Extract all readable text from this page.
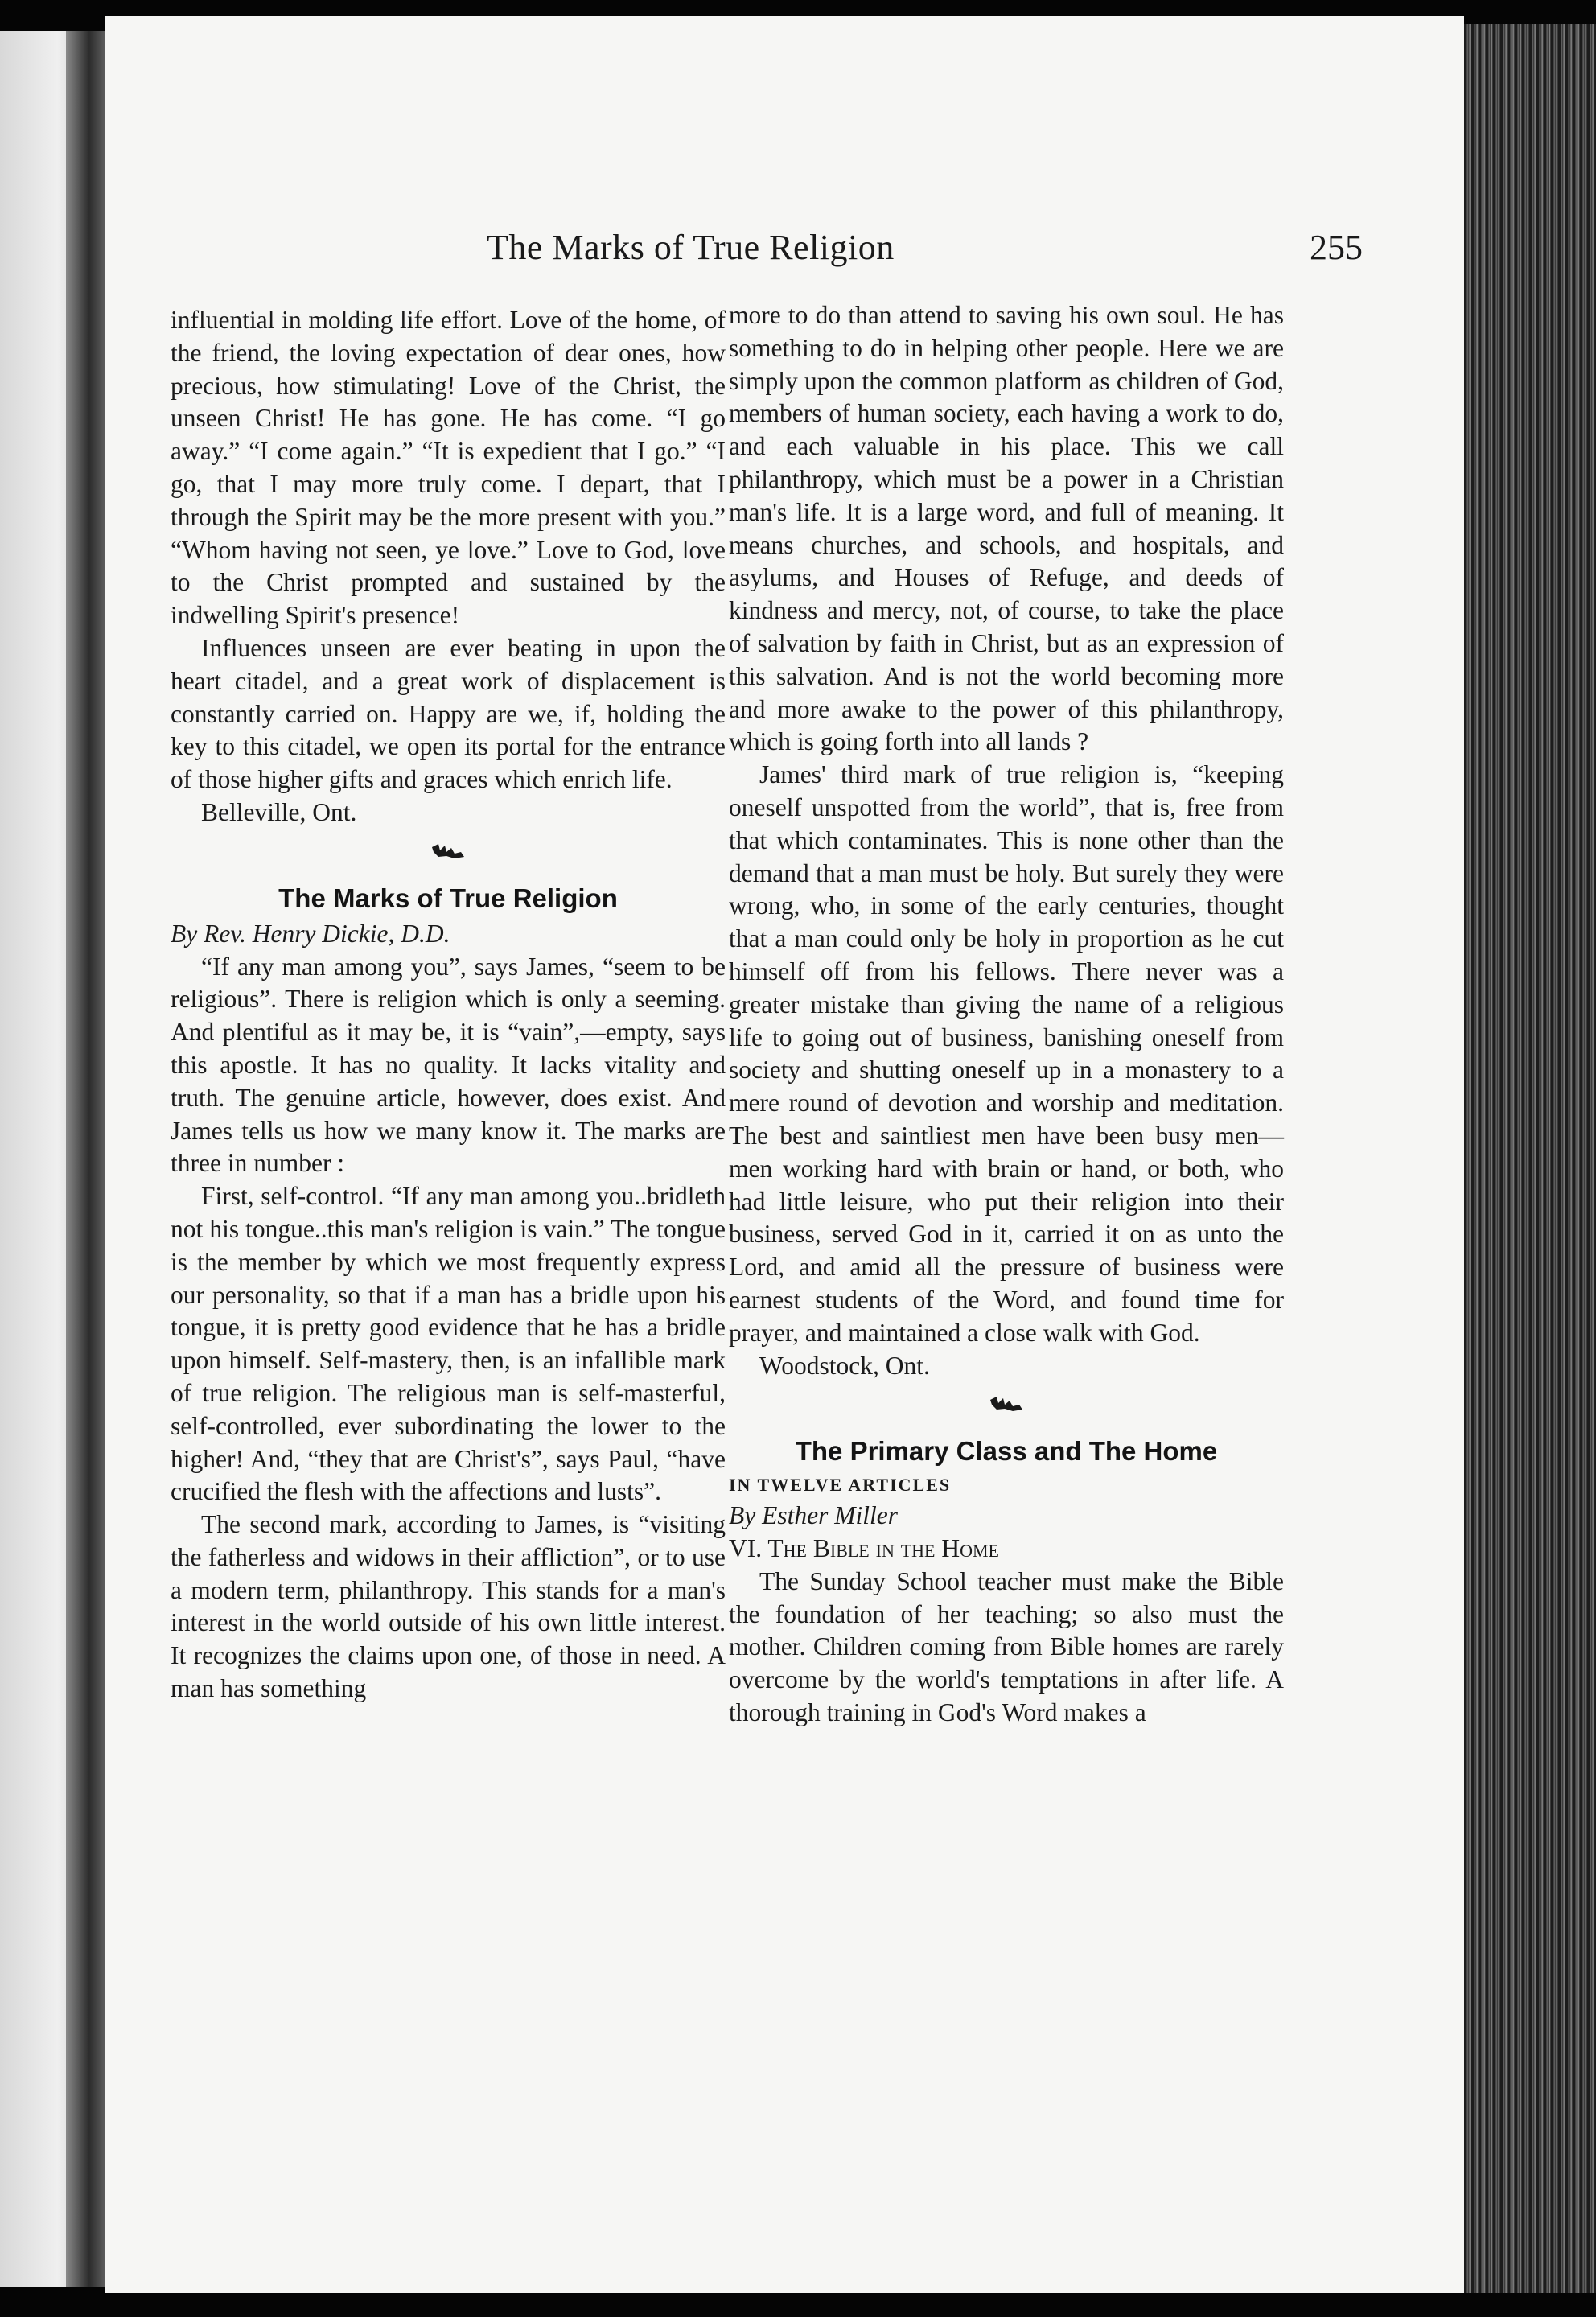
The Marks of True Religion	255

influential in molding life effort. Love of the home, of the friend, the loving expectation of dear ones, how precious, how stimulating! Love of the Christ, the unseen Christ! He has gone. He has come. “I go away.” “I come again.” “It is expedient that I go.” “I go, that I may more truly come. I depart, that I through the Spirit may be the more present with you.” “Whom having not seen, ye love.” Love to God, love to the Christ prompted and sustained by the indwelling Spirit's presence!

Influences unseen are ever beating in upon the heart citadel, and a great work of displacement is constantly carried on. Happy are we, if, holding the key to this citadel, we open its portal for the entrance of those higher gifts and graces which enrich life.

Belleville, Ont.

The Marks of True Religion

By Rev. Henry Dickie, D.D.

“If any man among you”, says James, “seem to be religious”. There is religion which is only a seeming. And plentiful as it may be, it is “vain”,—empty, says this apostle. It has no quality. It lacks vitality and truth. The genuine article, however, does exist. And James tells us how we many know it. The marks are three in number :

First, self-control. “If any man among you..bridleth not his tongue..this man's religion is vain.” The tongue is the member by which we most frequently express our personality, so that if a man has a bridle upon his tongue, it is pretty good evidence that he has a bridle upon himself. Self-mastery, then, is an infallible mark of true religion. The religious man is self-masterful, self-controlled, ever subordinating the lower to the higher! And, “they that are Christ's”, says Paul, “have crucified the flesh with the affections and lusts”.

The second mark, according to James, is “visiting the fatherless and widows in their affliction”, or to use a modern term, philanthropy. This stands for a man's interest in the world outside of his own little interest. It recognizes the claims upon one, of those in need. A man has something

more to do than attend to saving his own soul. He has something to do in helping other people. Here we are simply upon the common platform as children of God, members of human society, each having a work to do, and each valuable in his place. This we call philanthropy, which must be a power in a Christian man's life. It is a large word, and full of meaning. It means churches, and schools, and hospitals, and asylums, and Houses of Refuge, and deeds of kindness and mercy, not, of course, to take the place of salvation by faith in Christ, but as an expression of this salvation. And is not the world becoming more and more awake to the power of this philanthropy, which is going forth into all lands ?

James' third mark of true religion is, “keeping oneself unspotted from the world”, that is, free from that which contaminates. This is none other than the demand that a man must be holy. But surely they were wrong, who, in some of the early centuries, thought that a man could only be holy in proportion as he cut himself off from his fellows. There never was a greater mistake than giving the name of a religious life to going out of business, banishing oneself from society and shutting oneself up in a monastery to a mere round of devotion and worship and meditation. The best and saintliest men have been busy men—men working hard with brain or hand, or both, who had little leisure, who put their religion into their business, served God in it, carried it on as unto the Lord, and amid all the pressure of business were earnest students of the Word, and found time for prayer, and maintained a close walk with God.

Woodstock, Ont.

The Primary Class and The Home

IN TWELVE ARTICLES

By Esther Miller

VI. The Bible in the Home

The Sunday School teacher must make the Bible the foundation of her teaching; so also must the mother. Children coming from Bible homes are rarely overcome by the world's temptations in after life. A thorough training in God's Word makes a
